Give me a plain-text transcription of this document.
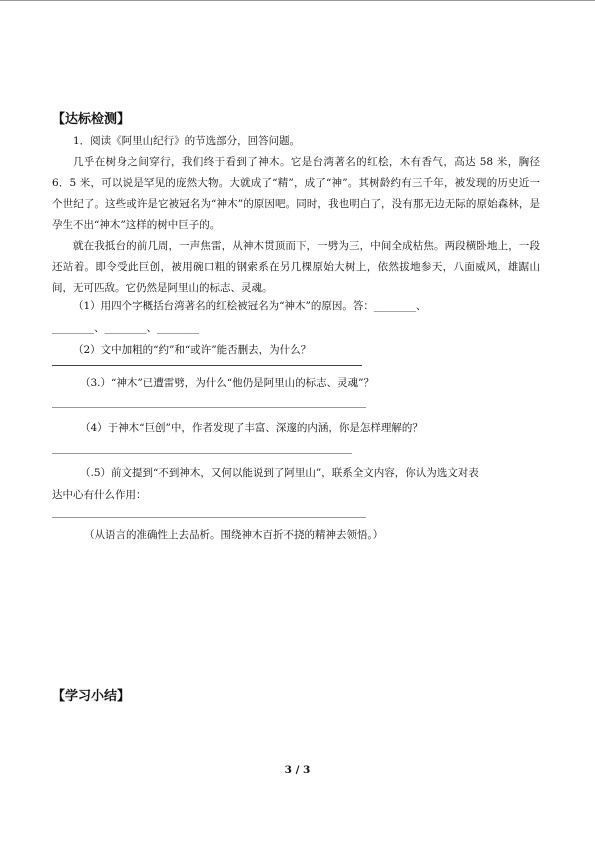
【达标检测】
1．阅读《阿里山纪行》的节选部分，回答问题。

几乎在树身之间穿行，我们终于看到了神木。它是台湾著名的红桧，木有香气，高达 58 米，胸径 6．5 米，可以说是罕见的庞然大物。大就成了“精”，成了“神”。其树龄约有三千年，被发现的历史近一个世纪了。这些或许是它被冠名为“神木”的原因吧。同时，我也明白了，没有那无边无际的原始森林，是孕生不出“神木”这样的树中巨子的。

就在我抵台的前几周，一声焦雷，从神木贯顶而下，一劈为三，中间全成枯焦。两段横卧地上，一段还站着。即令受此巨创，被用碗口粗的钢索系在另几棵原始大树上，依然拔地参天，八面威风，雄踞山间，无可匹敌。它仍然是阿里山的标志、灵魂。

（1）用四个字概括台湾著名的红桧被冠名为“神木”的原因。答：________、
________、________、________
（2）文中加粗的“约”和“或许”能否删去，为什么？
（3.）“神木”已遭雷劈，为什么“他仍是阿里山的标志、灵魂”？
（4）于神木“巨创”中，作者发现了丰富、深邃的内涵，你是怎样理解的？
（.5）前文提到“不到神木，又何以能说到了阿里山”，联系全文内容，你认为选文对表
达中心有什么作用：
（从语言的准确性上去品析。围绕神木百折不挠的精神去领悟。）
【学习小结】
3 / 3
